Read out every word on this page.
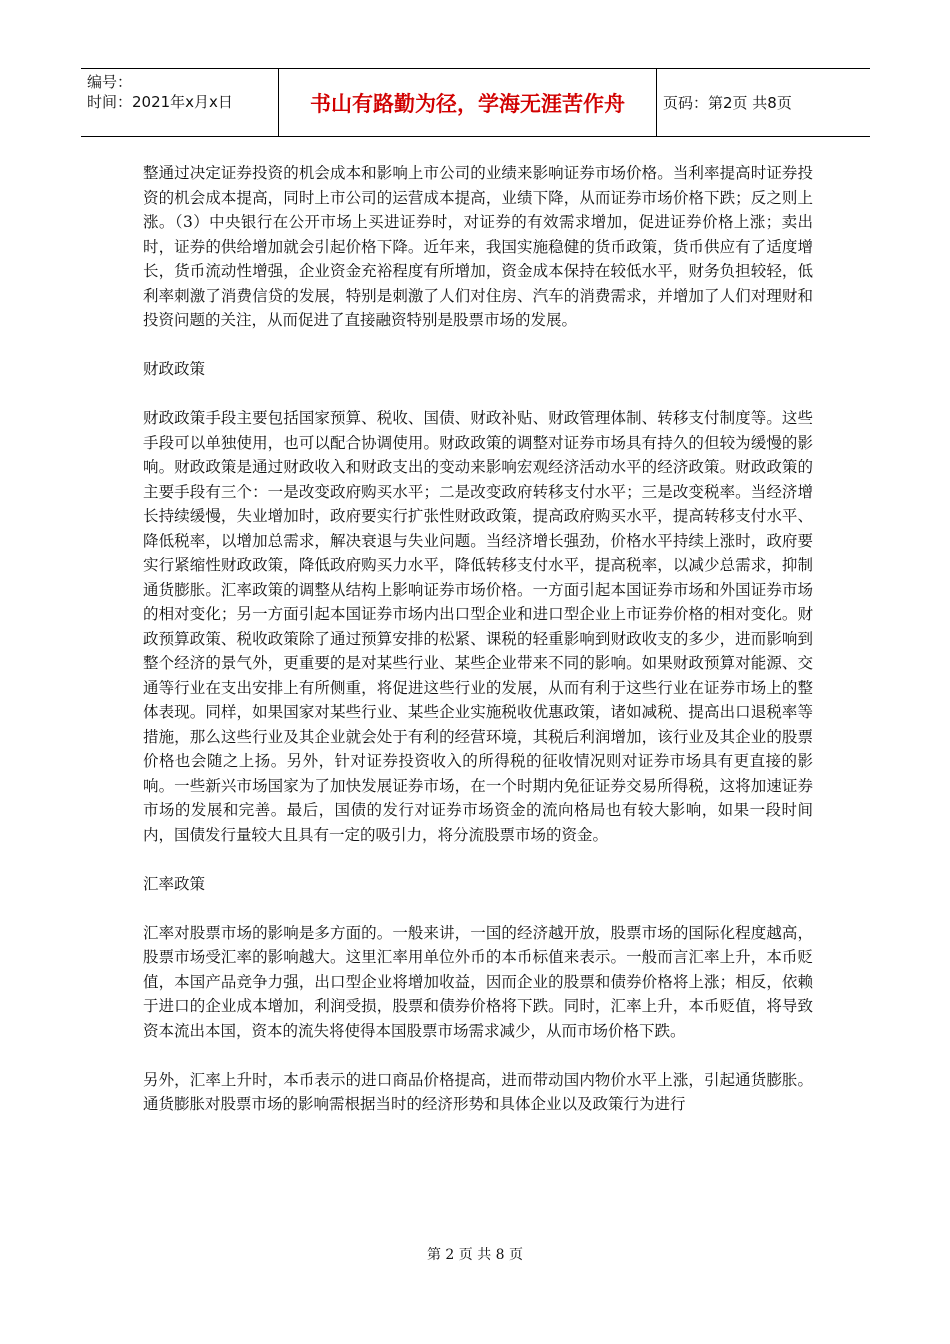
编号：
时间：2021年x月x日	书山有路勤为径，学海无涯苦作舟	页码：第2页 共8页

整通过决定证券投资的机会成本和影响上市公司的业绩来影响证券市场价格。当利率提高时证券投资的机会成本提高，同时上市公司的运营成本提高，业绩下降，从而证券市场价格下跌；反之则上涨。（3）中央银行在公开市场上买进证券时，对证券的有效需求增加，促进证券价格上涨；卖出时，证券的供给增加就会引起价格下降。近年来，我国实施稳健的货币政策，货币供应有了适度增长，货币流动性增强，企业资金充裕程度有所增加，资金成本保持在较低水平，财务负担较轻，低利率刺激了消费信贷的发展，特别是刺激了人们对住房、汽车的消费需求，并增加了人们对理财和投资问题的关注，从而促进了直接融资特别是股票市场的发展。

财政政策

财政政策手段主要包括国家预算、税收、国债、财政补贴、财政管理体制、转移支付制度等。这些手段可以单独使用，也可以配合协调使用。财政政策的调整对证券市场具有持久的但较为缓慢的影响。财政政策是通过财政收入和财政支出的变动来影响宏观经济活动水平的经济政策。财政政策的主要手段有三个：一是改变政府购买水平；二是改变政府转移支付水平；三是改变税率。当经济增长持续缓慢，失业增加时，政府要实行扩张性财政政策，提高政府购买水平，提高转移支付水平、降低税率，以增加总需求，解决衰退与失业问题。当经济增长强劲，价格水平持续上涨时，政府要实行紧缩性财政政策，降低政府购买力水平，降低转移支付水平，提高税率，以减少总需求，抑制通货膨胀。汇率政策的调整从结构上影响证券市场价格。一方面引起本国证券市场和外国证券市场的相对变化；另一方面引起本国证券市场内出口型企业和进口型企业上市证券价格的相对变化。财政预算政策、税收政策除了通过预算安排的松紧、课税的轻重影响到财政收支的多少，进而影响到整个经济的景气外，更重要的是对某些行业、某些企业带来不同的影响。如果财政预算对能源、交通等行业在支出安排上有所侧重，将促进这些行业的发展，从而有利于这些行业在证券市场上的整体表现。同样，如果国家对某些行业、某些企业实施税收优惠政策，诸如减税、提高出口退税率等措施，那么这些行业及其企业就会处于有利的经营环境，其税后利润增加，该行业及其企业的股票价格也会随之上扬。另外，针对证券投资收入的所得税的征收情况则对证券市场具有更直接的影响。一些新兴市场国家为了加快发展证券市场，在一个时期内免征证券交易所得税，这将加速证券市场的发展和完善。最后，国债的发行对证券市场资金的流向格局也有较大影响，如果一段时间内，国债发行量较大且具有一定的吸引力，将分流股票市场的资金。

汇率政策

汇率对股票市场的影响是多方面的。一般来讲，一国的经济越开放，股票市场的国际化程度越高，股票市场受汇率的影响越大。这里汇率用单位外币的本币标值来表示。一般而言汇率上升，本币贬值，本国产品竞争力强，出口型企业将增加收益，因而企业的股票和债券价格将上涨；相反，依赖于进口的企业成本增加，利润受损，股票和债券价格将下跌。同时，汇率上升，本币贬值，将导致资本流出本国，资本的流失将使得本国股票市场需求减少，从而市场价格下跌。

另外，汇率上升时，本币表示的进口商品价格提高，进而带动国内物价水平上涨，引起通货膨胀。通货膨胀对股票市场的影响需根据当时的经济形势和具体企业以及政策行为进行

第 2 页 共 8 页
